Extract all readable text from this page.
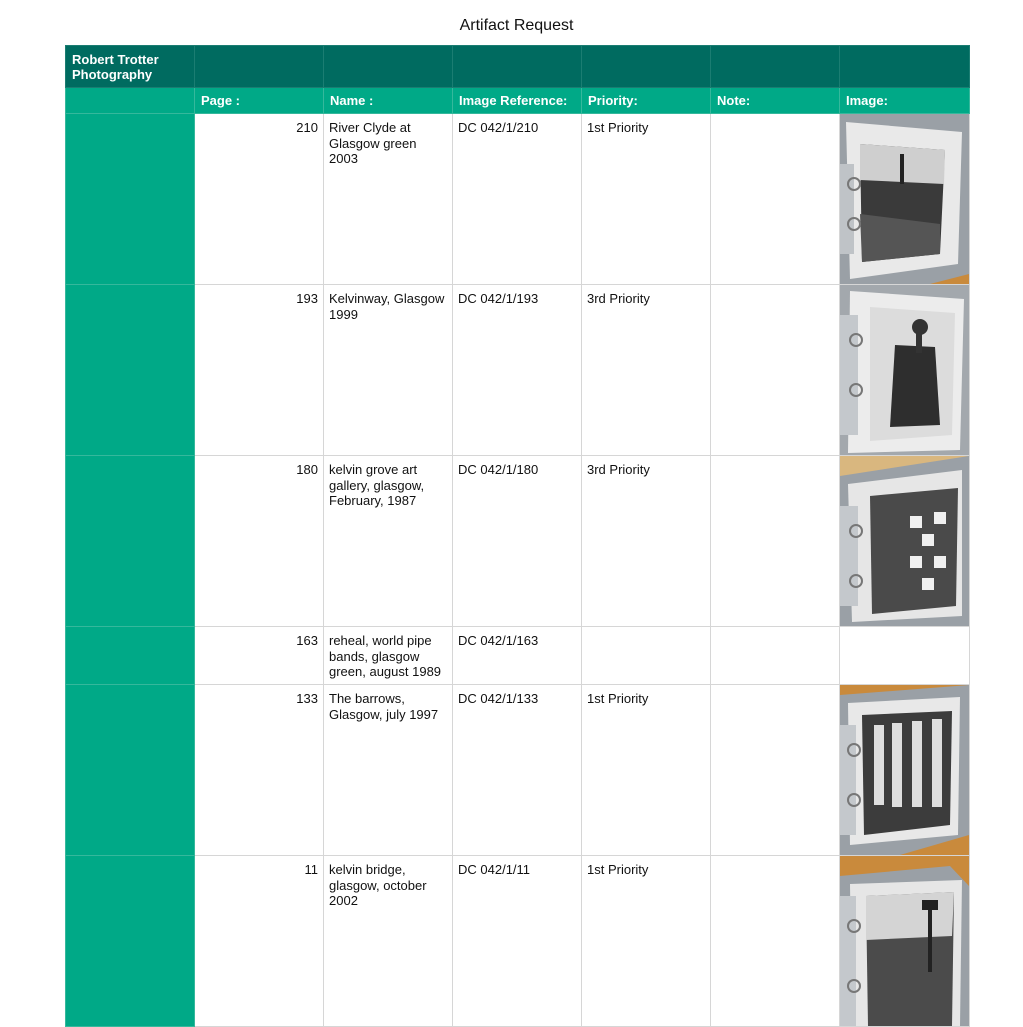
Artifact Request
Robert Trotter Photography						
	Page :	Name :	Image Reference:	Priority:	Note:	Image:
	210	River Clyde at Glasgow green 2003	DC 042/1/210	1st Priority		

	193	Kelvinway, Glasgow 1999	DC 042/1/193	3rd Priority		

	180	kelvin grove art gallery, glasgow, February, 1987	DC 042/1/180	3rd Priority		

	163	reheal, world pipe bands, glasgow green, august 1989	DC 042/1/163			
	133	The barrows, Glasgow, july 1997	DC 042/1/133	1st Priority		

	11	kelvin bridge, glasgow, october 2002	DC 042/1/11	1st Priority		
